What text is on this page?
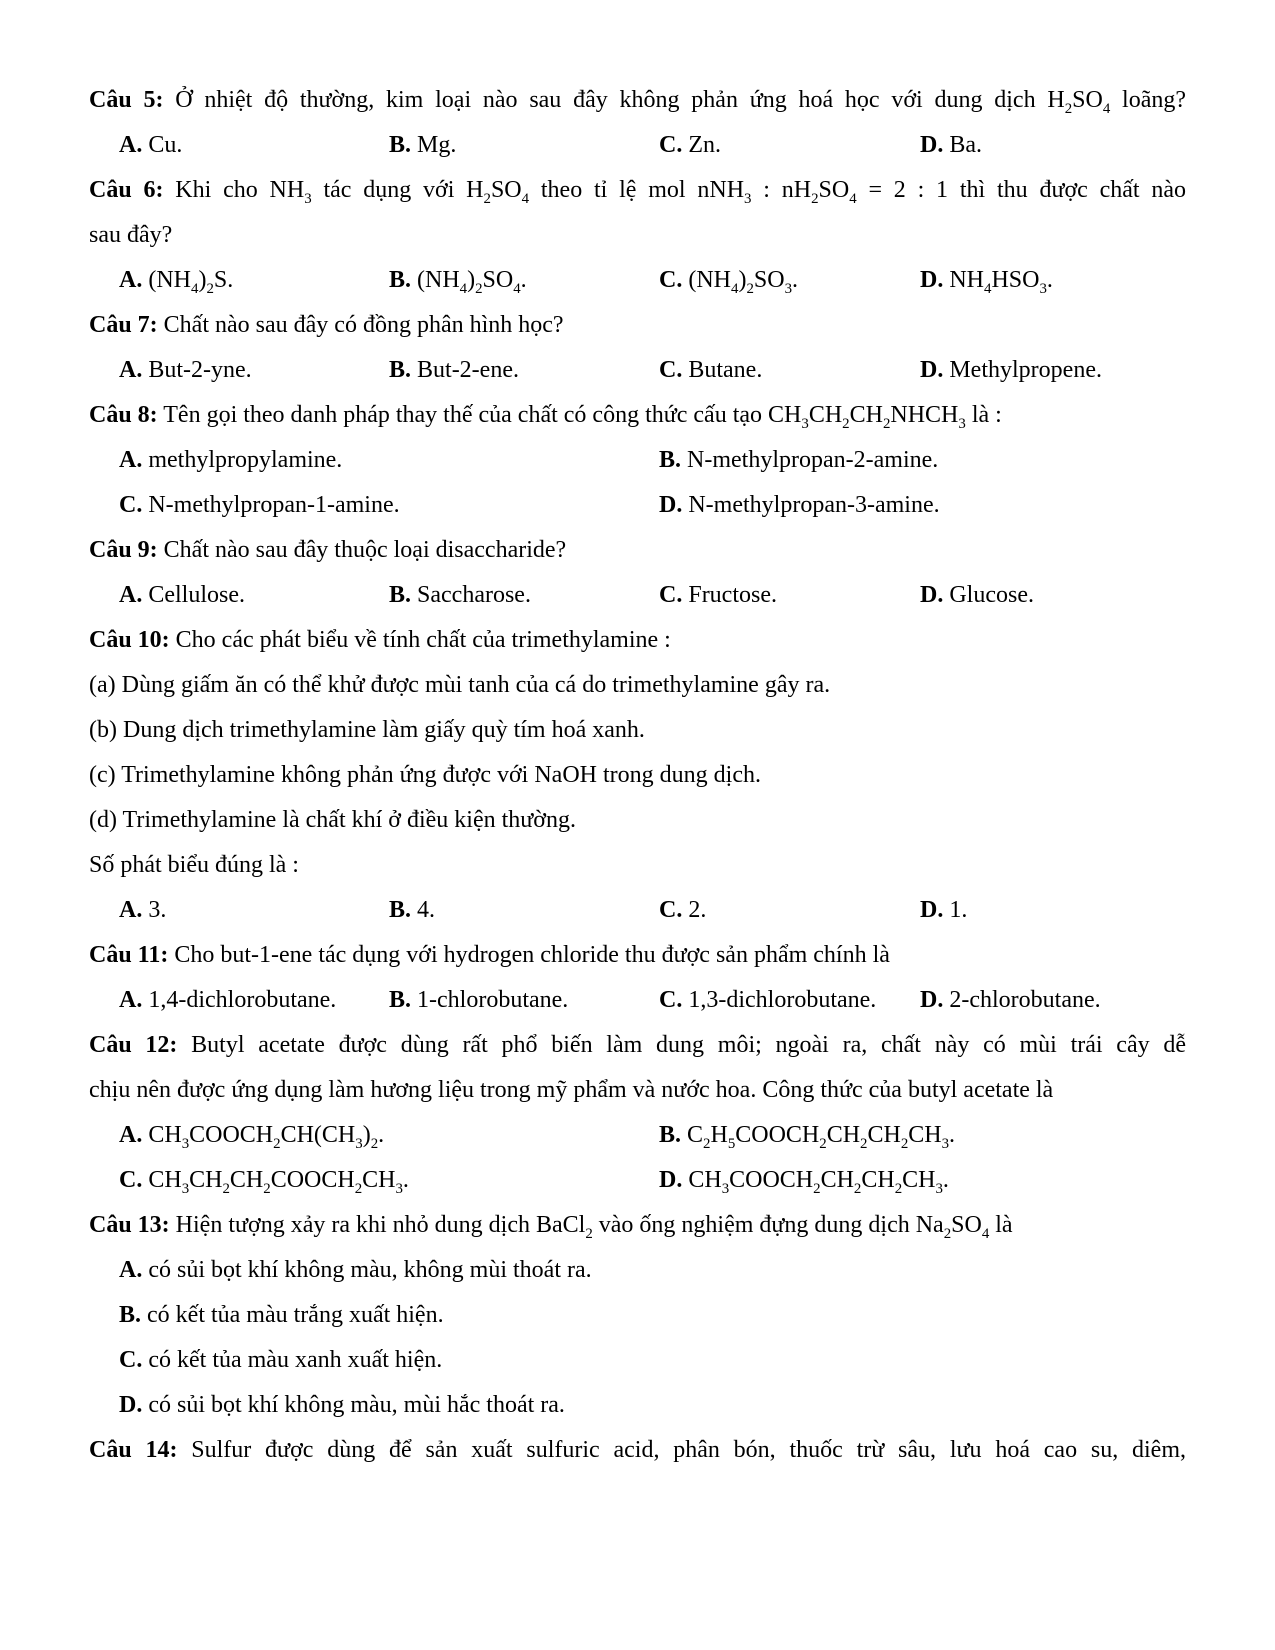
Câu 5: Ở nhiệt độ thường, kim loại nào sau đây không phản ứng hoá học với dung dịch $H_2SO_4$ loãng?
A. Cu.	B. Mg.	C. Zn.	D. Ba.
Câu 6: Khi cho $NH_3$ tác dụng với $H_2SO_4$ theo tỉ lệ mol nNH$_3$ : $nH_2SO_4 = 2$ : 1 thì thu được chất nào
sau đây?
A. $(NH_4)_2S$.	B. $(NH_4)_2SO_4$.	C. $(NH_4)_2SO_3$.	D. $NH_4HSO_3$.
Câu 7: Chất nào sau đây có đồng phân hình học?
A. But-2-yne.	B. But-2-ene.	C. Butane.	D. Methylpropene.
Câu 8: Tên gọi theo danh pháp thay thế của chất có công thức cấu tạo $CH_3CH_2CH_2NHCH_3$ là :
A. methylpropylamine.	B. N-methylpropan-2-amine.
C. N-methylpropan-1-amine.	D. N-methylpropan-3-amine.
Câu 9: Chất nào sau đây thuộc loại disaccharide?
A. Cellulose.	B. Saccharose.	C. Fructose.	D. Glucose.
Câu 10: Cho các phát biểu về tính chất của trimethylamine :
(a) Dùng giấm ăn có thể khử được mùi tanh của cá do trimethylamine gây ra.
(b) Dung dịch trimethylamine làm giấy quỳ tím hoá xanh.
(c) Trimethylamine không phản ứng được với NaOH trong dung dịch.
(d) Trimethylamine là chất khí ở điều kiện thường.
Số phát biểu đúng là :
A. 3.	B. 4.	C. 2.	D. 1.
Câu 11: Cho but-1-ene tác dụng với hydrogen chloride thu được sản phẩm chính là
A. 1,4-dichlorobutane. B. 1-chlorobutane.	C. 1,3-dichlorobutane. D. 2-chlorobutane.
Câu 12: Butyl acetate được dùng rất phổ biến làm dung môi; ngoài ra, chất này có mùi trái cây dễ
chịu nên được ứng dụng làm hương liệu trong mỹ phẩm và nước hoa. Công thức của butyl acetate là
A. $CH_3COOCH_2CH(CH_3)_2$.	B. $C_2H_5COOCH_2CH_2CH_2CH_3$.
C. $CH_3CH_2CH_2COOCH_2CH_3$.	D. $CH_3COOCH_2CH_2CH_2CH_3$.
Câu 13: Hiện tượng xảy ra khi nhỏ dung dịch BaCl$_2$ vào ống nghiệm đựng dung dịch $Na_2SO_4$ là
A. có sủi bọt khí không màu, không mùi thoát ra.
B. có kết tủa màu trắng xuất hiện.
C. có kết tủa màu xanh xuất hiện.
D. có sủi bọt khí không màu, mùi hắc thoát ra.
Câu 14: Sulfur được dùng để sản xuất sulfuric acid, phân bón, thuốc trừ sâu, lưu hoá cao su, diêm,
